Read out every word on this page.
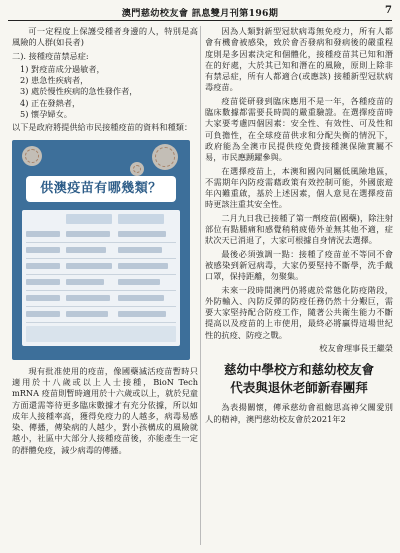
澳門慈幼校友會 訊息雙月刊第196期	7

可一定程度上保護受種者身邊的人，特別是高風險的人群(如長者)

二). 接種疫苗禁忌症:

1) 對疫苗成分過敏者，
2) 患急性疾病者，
3) 處於慢性疾病的急性發作者，
4) 正在發熱者，
5) 懷孕婦女。

以下是政府將提供給市民接種疫苗的資料和種類：

供澳疫苗有哪幾類？

現有批准使用的疫苗，像國藥滅活疫苗暫時只適用於十八歲或以上人士接種，BioN Tech mRNA 疫苗則暫時適用於十六歲或以上，就於兒童方面還需等待更多臨床數據才有充分依據，所以如成年人接種率高，獲得免疫力的人越多，病毒易感染、傳播，傳染病的人越少，對小孩構成的風險就越小，社區中大部分人接種疫苗後，亦能產生一定的群體免疫，減少病毒的傳播。

因為人類對新型冠狀病毒無免疫力，所有人都會有機會被感染，致於會否發病和發病後的嚴重程度則是多因素決定和個體化，接種疫苗其已知和潛在的好處，大於其已知和潛在的風險，原則上除非有禁忌症，所有人都適合(或應該) 接種新型冠狀病毒疫苗。

疫苗從研發到臨床應用不是一年，各種疫苗的臨床數據都需要長時間的嚴重驗證。在選擇疫苗時大家要考慮四個因素：安全性、有效性、可及性和可負擔性，在全球疫苗供求和分配失衡的情況下，政府能為全澳市民提供疫免費接種澳保險實屬不易，市民應踴躍參與。

在選擇疫苗上，本澳和國內同屬低風險地區，不需期年內防疫需藉政策有效控制可能，外國旅遊年內難重啟，基於上述因素，個人意見在選擇疫苗時更該注重其安全性。

二月九日我已接種了第一劑疫苗(國藥)，除注射部位有點腫痛和感覺稍稍疲倦外並無其他不適，症狀次天已消退了，大家可根據自身情況去選擇。

最後必須強調一點：接種了疫苗並不等同不會被感染到新冠病毒，大家仍要堅持不斷學，洗手戴口罩，保持距離，勿聚集。

未來一段時間澳門仍將處於常態化防疫階段，外防輸入、內防反彈的防疫任務仍然十分艱巨，需要大家堅持配合防疫工作，隨著公共衛生能力不斷提高以及疫苗的上市使用，最終必將贏得這場世紀性的抗疫、防疫之戰。

校友會理事長王繼榮

慈幼中學校方和慈幼校友會
代表與退休老師新春團拜

為表揚關懷，傳承慈幼會祖鮑思高神父關愛別人的精神，澳門慈幼校友會於2021年2
